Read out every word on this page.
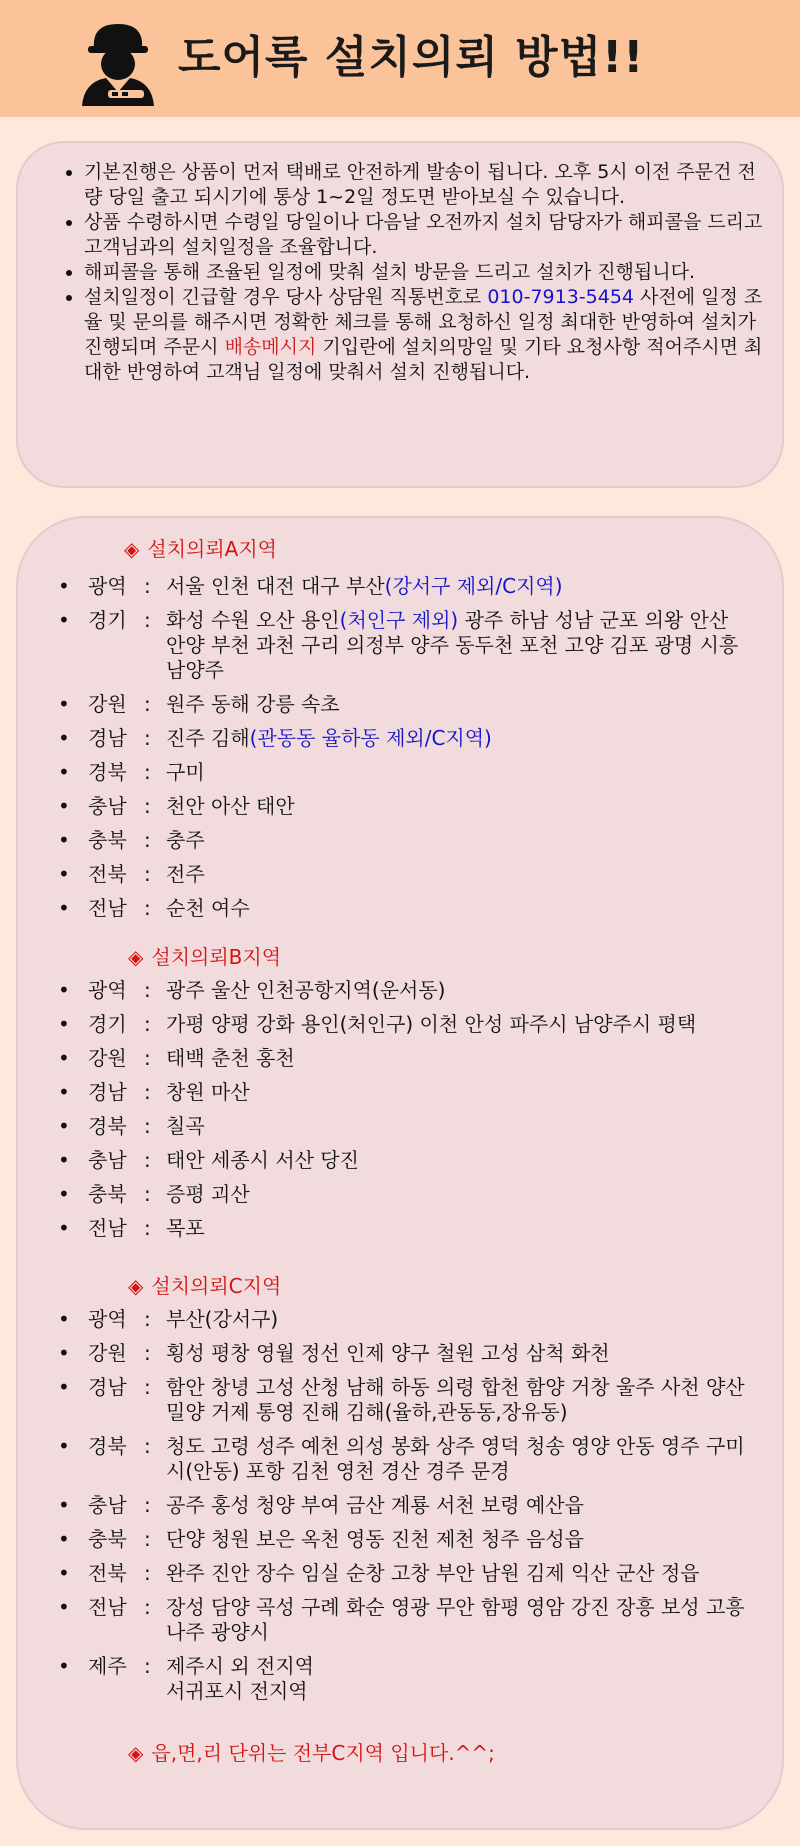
도어록 설치의뢰 방법!!
• 기본진행은 상품이 먼저 택배로 안전하게 발송이 됩니다. 오후 5시 이전 주문건 전량 당일 출고 되시기에 통상 1~2일 정도면 받아보실 수 있습니다.
• 상품 수령하시면 수령일 당일이나 다음날 오전까지 설치 담당자가 해피콜을 드리고 고객님과의 설치일정을 조율합니다.
• 해피콜을 통해 조율된 일정에 맞춰 설치 방문을 드리고 설치가 진행됩니다.
• 설치일정이 긴급할 경우 당사 상담원 직통번호로 010-7913-5454 사전에 일정 조율 및 문의를 해주시면 정확한 체크를 통해 요청하신 일정 최대한 반영하여 설치가 진행되며 주문시 배송메시지 기입란에 설치의망일 및 기타 요청사항 적어주시면 최대한 반영하여 고객님 일정에 맞춰서 설치 진행됩니다.
◈ 설치의뢰A지역
•	광역	:	서울 인천 대전 대구 부산(강서구 제외/C지역)

•	경기	:	화성 수원 오산 용인(처인구 제외) 광주 하남 성남 군포 의왕 안산 안양 부천 과천 구리 의정부 양주 동두천 포천 고양 김포 광명 시흥 남양주

•	강원	:	원주 동해 강릉 속초

•	경남	:	진주 김해(관동동 율하동 제외/C지역)

•	경북	:	구미

•	충남	:	천안 아산 태안

•	충북	:	충주

•	전북	:	전주

•	전남	:	순천 여수
◈ 설치의뢰B지역
•	광역	:	광주 울산 인천공항지역(운서동)

•	경기	:	가평 양평 강화 용인(처인구) 이천 안성 파주시 남양주시 평택

•	강원	:	태백 춘천 홍천

•	경남	:	창원 마산

•	경북	:	칠곡

•	충남	:	태안 세종시 서산 당진

•	충북	:	증평 괴산

•	전남	:	목포
◈ 설치의뢰C지역
•	광역	:	부산(강서구)

•	강원	:	횡성 평창 영월 정선 인제 양구 철원 고성 삼척 화천

•	경남	:	함안 창녕 고성 산청 남해 하동 의령 합천 함양 거창 울주 사천 양산 밀양 거제 통영 진해 김해(율하,관동동,장유동)

•	경북	:	청도 고령 성주 예천 의성 봉화 상주 영덕 청송 영양 안동 영주 구미시(안동) 포항 김천 영천 경산 경주 문경

•	충남	:	공주 홍성 청양 부여 금산 계룡 서천 보령 예산읍

•	충북	:	단양 청원 보은 옥천 영동 진천 제천 청주 음성읍

•	전북	:	완주 진안 장수 임실 순창 고창 부안 남원 김제 익산 군산 정읍

•	전남	:	장성 담양 곡성 구례 화순 영광 무안 함평 영암 강진 장흥 보성 고흥 나주 광양시

•	제주	:	제주시 외 전지역
서귀포시 전지역
◈ 읍,면,리 단위는 전부C지역 입니다.^^;
